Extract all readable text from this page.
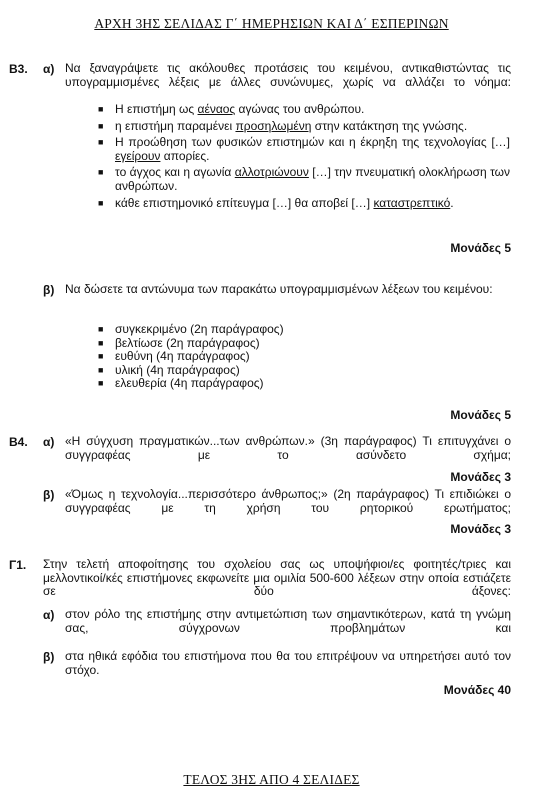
ΑΡΧΗ 3ΗΣ ΣΕΛΙΔΑΣ Γ΄ ΗΜΕΡΗΣΙΩΝ ΚΑΙ Δ΄ ΕΣΠΕΡΙΝΩΝ
Β3. α) Να ξαναγράψετε τις ακόλουθες προτάσεις του κειμένου, αντικαθιστώντας τις υπογραμμισμένες λέξεις με άλλες συνώνυμες, χωρίς να αλλάζει το νόημα:
■ Η επιστήμη ως αέναος αγώνας του ανθρώπου.
■ η επιστήμη παραμένει προσηλωμένη στην κατάκτηση της γνώσης.
■ Η προώθηση των φυσικών επιστημών και η έκρηξη της τεχνολογίας […] εγείρουν απορίες.
■ το άγχος και η αγωνία αλλοτριώνουν […] την πνευματική ολοκλήρωση των ανθρώπων.
■ κάθε επιστημονικό επίτευγμα […] θα αποβεί […] καταστρεπτικό.
Μονάδες 5
β) Να δώσετε τα αντώνυμα των παρακάτω υπογραμμισμένων λέξεων του κειμένου:
■ συγκεκριμένο (2η παράγραφος)
■ βελτίωσε (2η παράγραφος)
■ ευθύνη (4η παράγραφος)
■ υλική (4η παράγραφος)
■ ελευθερία (4η παράγραφος)
Μονάδες 5
Β4. α) «Η σύγχυση πραγματικών...των ανθρώπων.» (3η παράγραφος) Τι επιτυγχάνει ο συγγραφέας με το ασύνδετο σχήμα;
Μονάδες 3
β) «Όμως η τεχνολογία...περισσότερο άνθρωπος;» (2η παράγραφος) Τι επιδιώκει ο συγγραφέας με τη χρήση του ρητορικού ερωτήματος;
Μονάδες 3
Γ1. Στην τελετή αποφοίτησης του σχολείου σας ως υποψήφιοι/ες φοιτητές/τριες και μελλοντικοί/κές επιστήμονες εκφωνείτε μια ομιλία 500-600 λέξεων στην οποία εστιάζετε σε δύο άξονες:
α) στον ρόλο της επιστήμης στην αντιμετώπιση των σημαντικότερων, κατά τη γνώμη σας, σύγχρονων προβλημάτων και
β) στα ηθικά εφόδια του επιστήμονα που θα του επιτρέψουν να υπηρετήσει αυτό τον στόχο.
Μονάδες 40
ΤΕΛΟΣ 3ΗΣ ΑΠΟ 4 ΣΕΛΙΔΕΣ
